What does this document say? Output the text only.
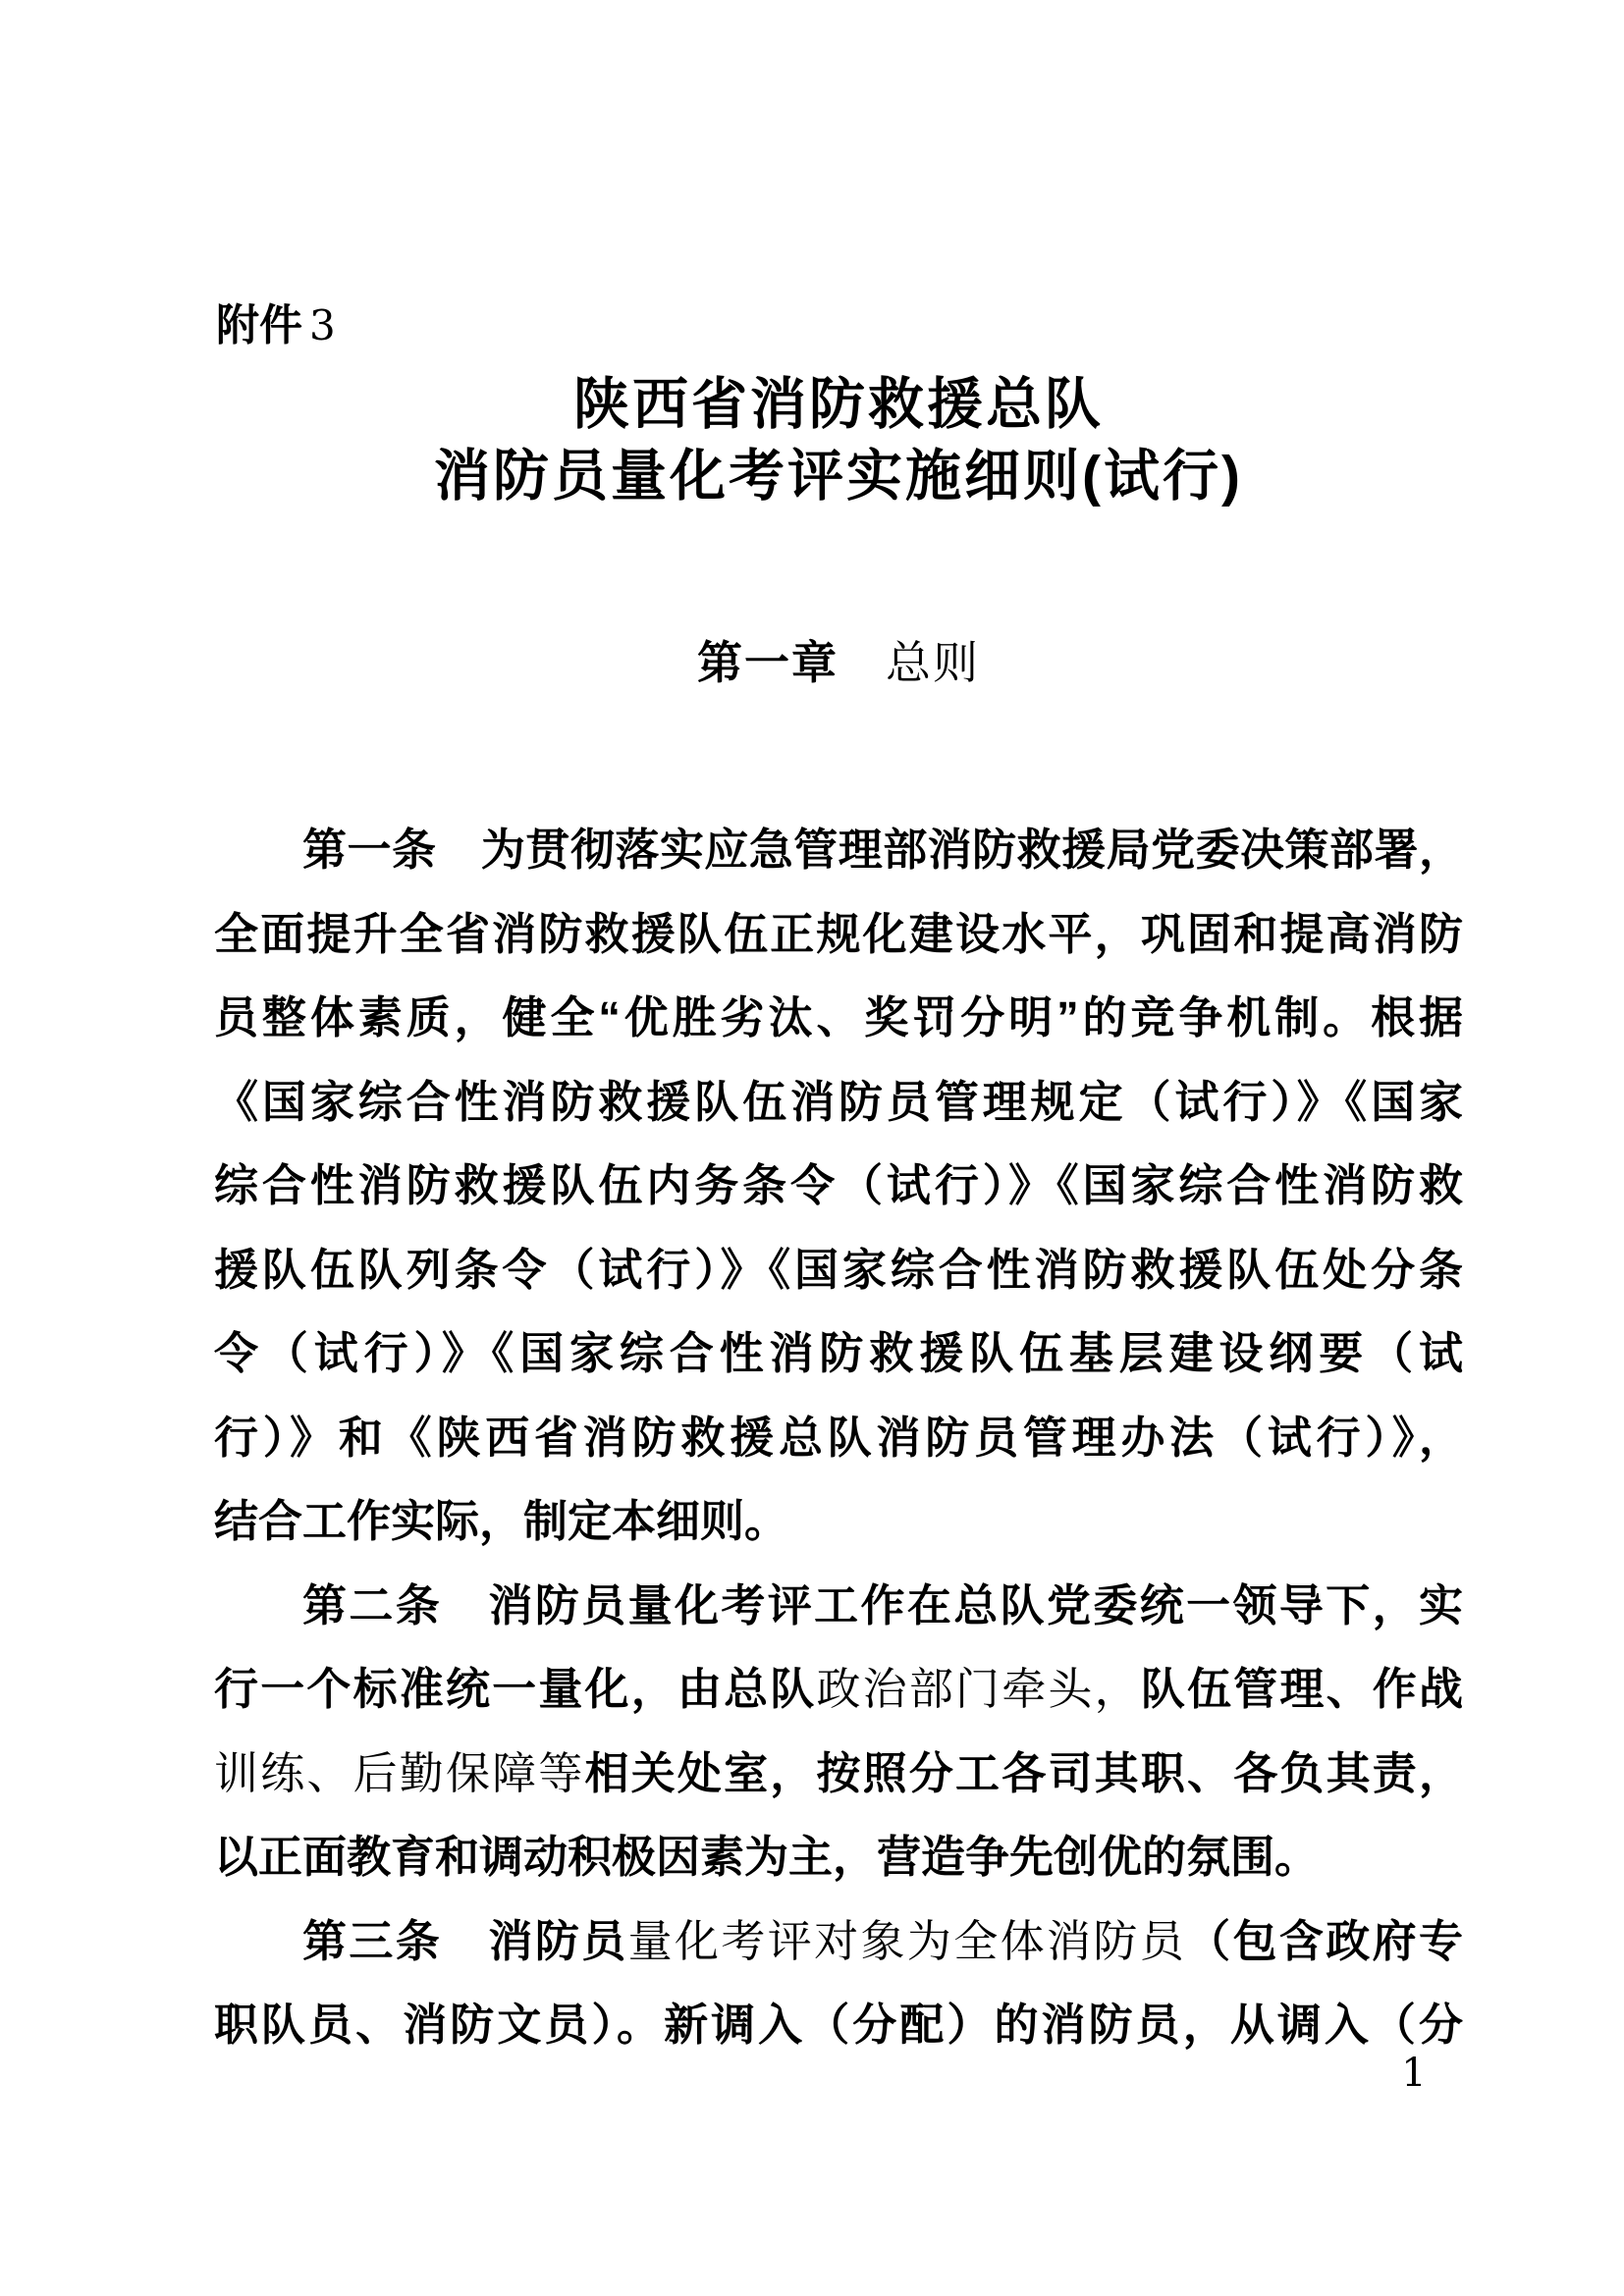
附件 3
陕西省消防救援总队
消防员量化考评实施细则(试行)
第一章　 总则
第一条　为贯彻落实应急管理部消防救援局党委决策部署，
全面提升全省消防救援队伍正规化建设水平，巩固和提高消防
员整体素质，健全“优胜劣汰、奖罚分明”的竞争机制。根据
《国家综合性消防救援队伍消防员管理规定（试行）》《国家
综合性消防救援队伍内务条令（试行）》《国家综合性消防救
援队伍队列条令（试行）》《国家综合性消防救援队伍处分条
令（试行）》《国家综合性消防救援队伍基层建设纲要（试
行）》和《陕西省消防救援总队消防员管理办法（试行）》，
结合工作实际，制定本细则。
第二条　消防员量化考评工作在总队党委统一领导下，实
行一个标准统一量化，由总队政治部门牵头，队伍管理、作战
训练、后勤保障等相关处室，按照分工各司其职、各负其责，
以正面教育和调动积极因素为主，营造争先创优的氛围。
第三条　消防员量化考评对象为全体消防员（包含政府专
职队员、消防文员）。新调入（分配）的消防员，从调入（分
1
